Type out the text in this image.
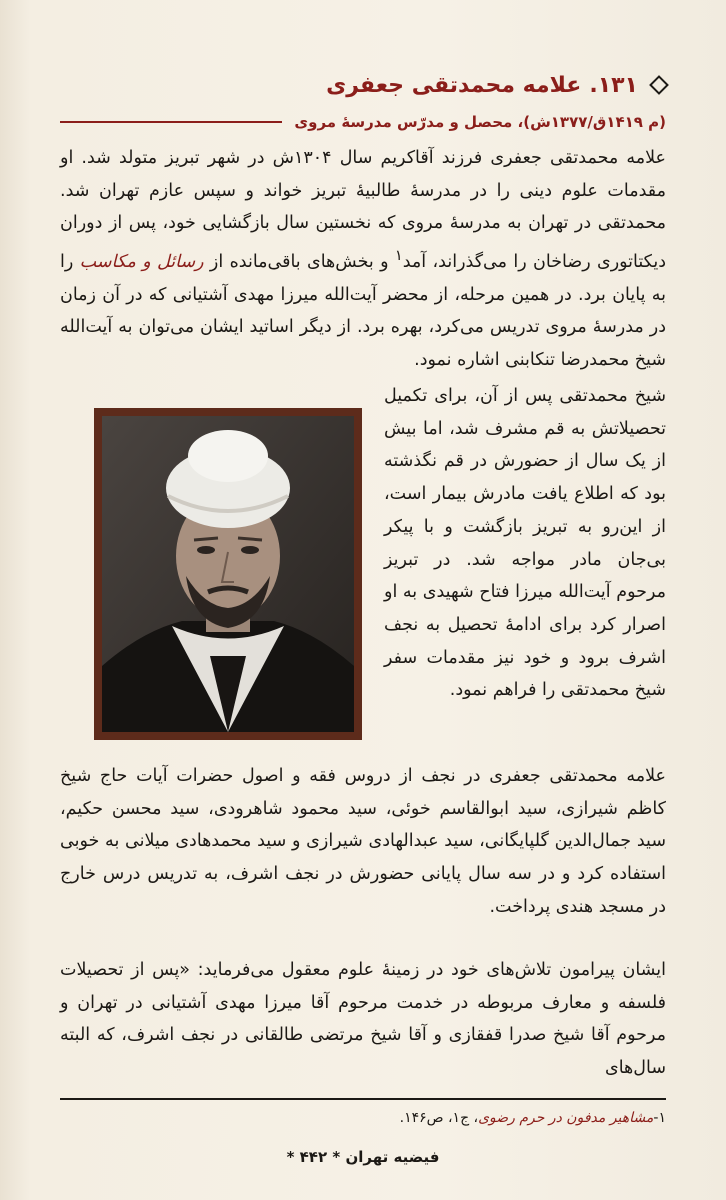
۱۳۱.
علامه محمدتقی جعفری
(م ۱۴۱۹ق/۱۳۷۷ش)، محصل و مدرّس مدرسهٔ مروی
علامه محمدتقی جعفری فرزند آقاکریم سال ۱۳۰۴ش در شهر تبریز متولد شد. او مقدمات علوم دینی را در مدرسهٔ طالبیهٔ تبریز خواند و سپس عازم تهران شد. محمدتقی در تهران به مدرسهٔ مروی که نخستین سال بازگشایی خود، پس از دوران دیکتاتوری رضاخان را می‌گذراند، آمد$^۱$ و بخش‌های باقی‌مانده از رسائل و مکاسب را به پایان برد. در همین مرحله، از محضر آیت‌الله میرزا مهدی آشتیانی که در آن زمان در مدرسهٔ مروی تدریس می‌کرد، بهره برد. از دیگر اساتید ایشان می‌توان به آیت‌الله شیخ محمدرضا تنکابنی اشاره نمود.
شیخ محمدتقی پس از آن، برای تکمیل تحصیلاتش به قم مشرف شد، اما بیش از یک سال از حضورش در قم نگذشته بود که اطلاع یافت مادرش بیمار است، از این‌رو به تبریز بازگشت و با پیکر بی‌جان مادر مواجه شد. در تبریز مرحوم آیت‌الله میرزا فتاح شهیدی به او اصرار کرد برای ادامهٔ تحصیل به نجف اشرف برود و خود نیز مقدمات سفر شیخ محمدتقی را فراهم نمود.
علامه محمدتقی جعفری در نجف از دروس فقه و اصول حضرات آیات حاج شیخ کاظم شیرازی، سید ابوالقاسم خوئی، سید محمود شاهرودی، سید محسن حکیم، سید جمال‌الدین گلپایگانی، سید عبدالهادی شیرازی و سید محمدهادی میلانی به خوبی استفاده کرد و در سه سال پایانی حضورش در نجف اشرف، به تدریس درس خارج در مسجد هندی پرداخت.
ایشان پیرامون تلاش‌های خود در زمینهٔ علوم معقول می‌فرماید: «پس از تحصیلات فلسفه و معارف مربوطه در خدمت مرحوم آقا میرزا مهدی آشتیانی در تهران و مرحوم آقا شیخ صدرا قفقازی و آقا شیخ مرتضی طالقانی در نجف اشرف، که البته سال‌های
۱-مشاهیر مدفون در حرم رضوی، ج۱، ص۱۴۶.
فیضیه تهران * ۴۴۲ *
